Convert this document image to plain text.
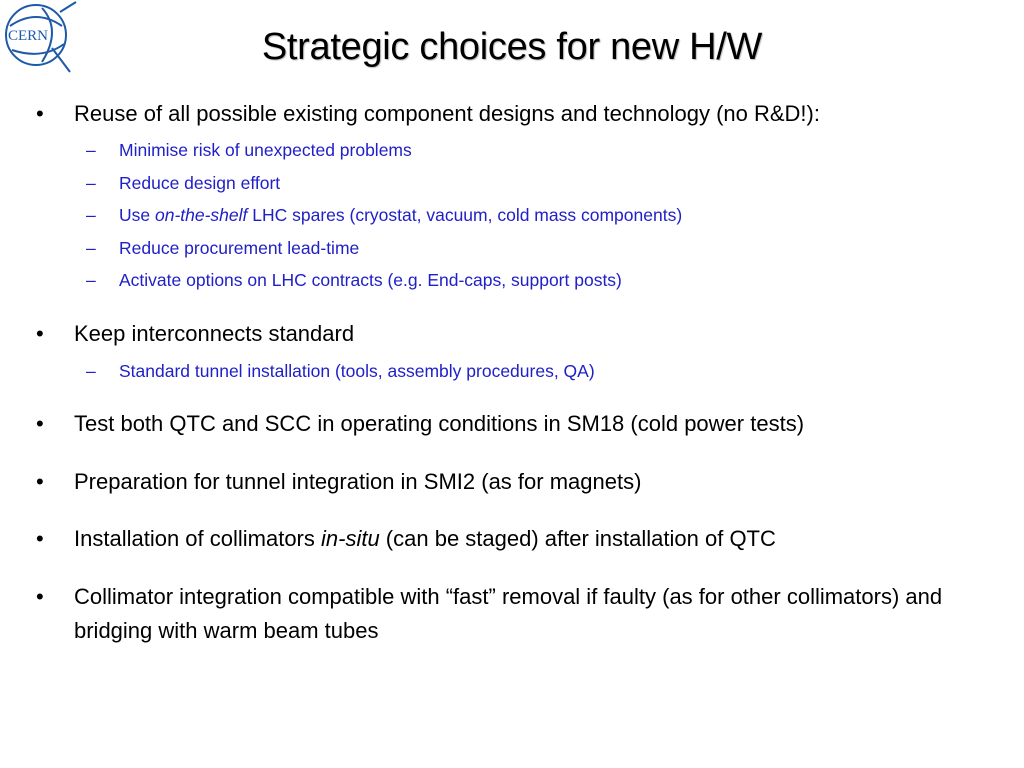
CERN	Strategic choices for new H/W
•	Reuse of all possible existing component designs and technology (no R&D!):
– Minimise risk of unexpected problems
– Reduce design effort
– Use on-the-shelf LHC spares (cryostat, vacuum, cold mass components)
– Reduce procurement lead-time
– Activate options on LHC contracts (e.g. End-caps, support posts)
•	Keep interconnects standard
– Standard tunnel installation (tools, assembly procedures, QA)
•	Test both QTC and SCC in operating conditions in SM18 (cold power tests)
•	Preparation for tunnel integration in SMI2 (as for magnets)
•	Installation of collimators in-situ (can be staged) after installation of QTC
•	Collimator integration compatible with “fast” removal if faulty (as for other collimators) and bridging with warm beam tubes
